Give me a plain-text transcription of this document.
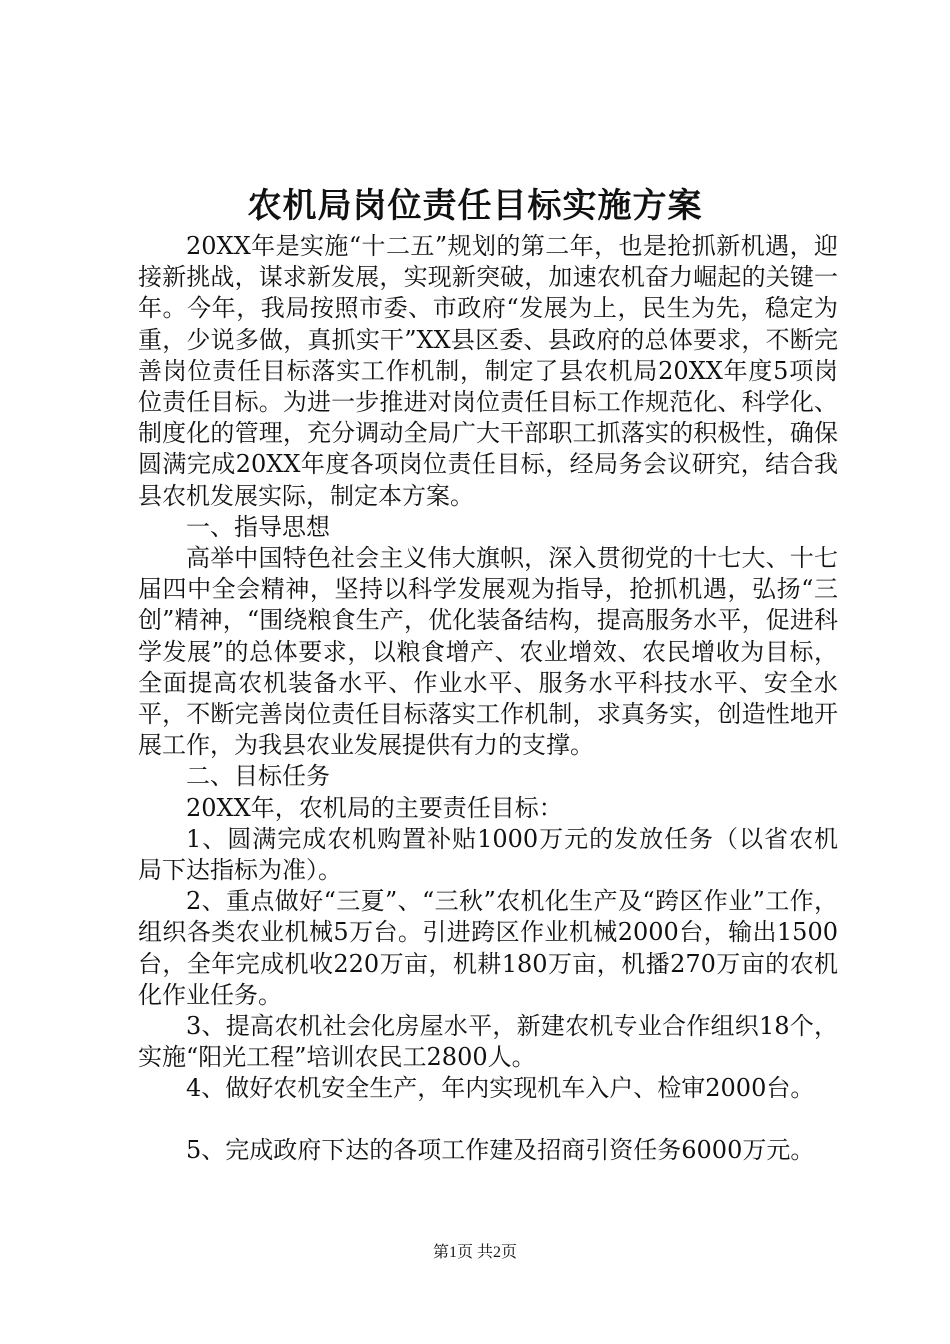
农机局岗位责任目标实施方案

20XX年是实施“十二五”规划的第二年，也是抢抓新机遇，迎接新挑战，谋求新发展，实现新突破，加速农机奋力崛起的关键一年。今年，我局按照市委、市政府“发展为上，民生为先，稳定为重，少说多做，真抓实干”XX县区委、县政府的总体要求，不断完善岗位责任目标落实工作机制，制定了县农机局20XX年度5项岗位责任目标。为进一步推进对岗位责任目标工作规范化、科学化、制度化的管理，充分调动全局广大干部职工抓落实的积极性，确保圆满完成20XX年度各项岗位责任目标，经局务会议研究，结合我县农机发展实际，制定本方案。

一、指导思想

高举中国特色社会主义伟大旗帜，深入贯彻党的十七大、十七届四中全会精神，坚持以科学发展观为指导，抢抓机遇，弘扬“三创”精神，“围绕粮食生产，优化装备结构，提高服务水平，促进科学发展”的总体要求，以粮食增产、农业增效、农民增收为目标，全面提高农机装备水平、作业水平、服务水平科技水平、安全水平，不断完善岗位责任目标落实工作机制，求真务实，创造性地开展工作，为我县农业发展提供有力的支撑。

二、目标任务

20XX年，农机局的主要责任目标：

1、圆满完成农机购置补贴1000万元的发放任务（以省农机局下达指标为准）。

2、重点做好“三夏”、“三秋”农机化生产及“跨区作业”工作，组织各类农业机械5万台。引进跨区作业机械2000台，输出1500台，全年完成机收220万亩，机耕180万亩，机播270万亩的农机化作业任务。

3、提高农机社会化房屋水平，新建农机专业合作组织18个，实施“阳光工程”培训农民工2800人。

4、做好农机安全生产，年内实现机车入户、检审2000台。

5、完成政府下达的各项工作建及招商引资任务6000万元。

第1页 共2页
